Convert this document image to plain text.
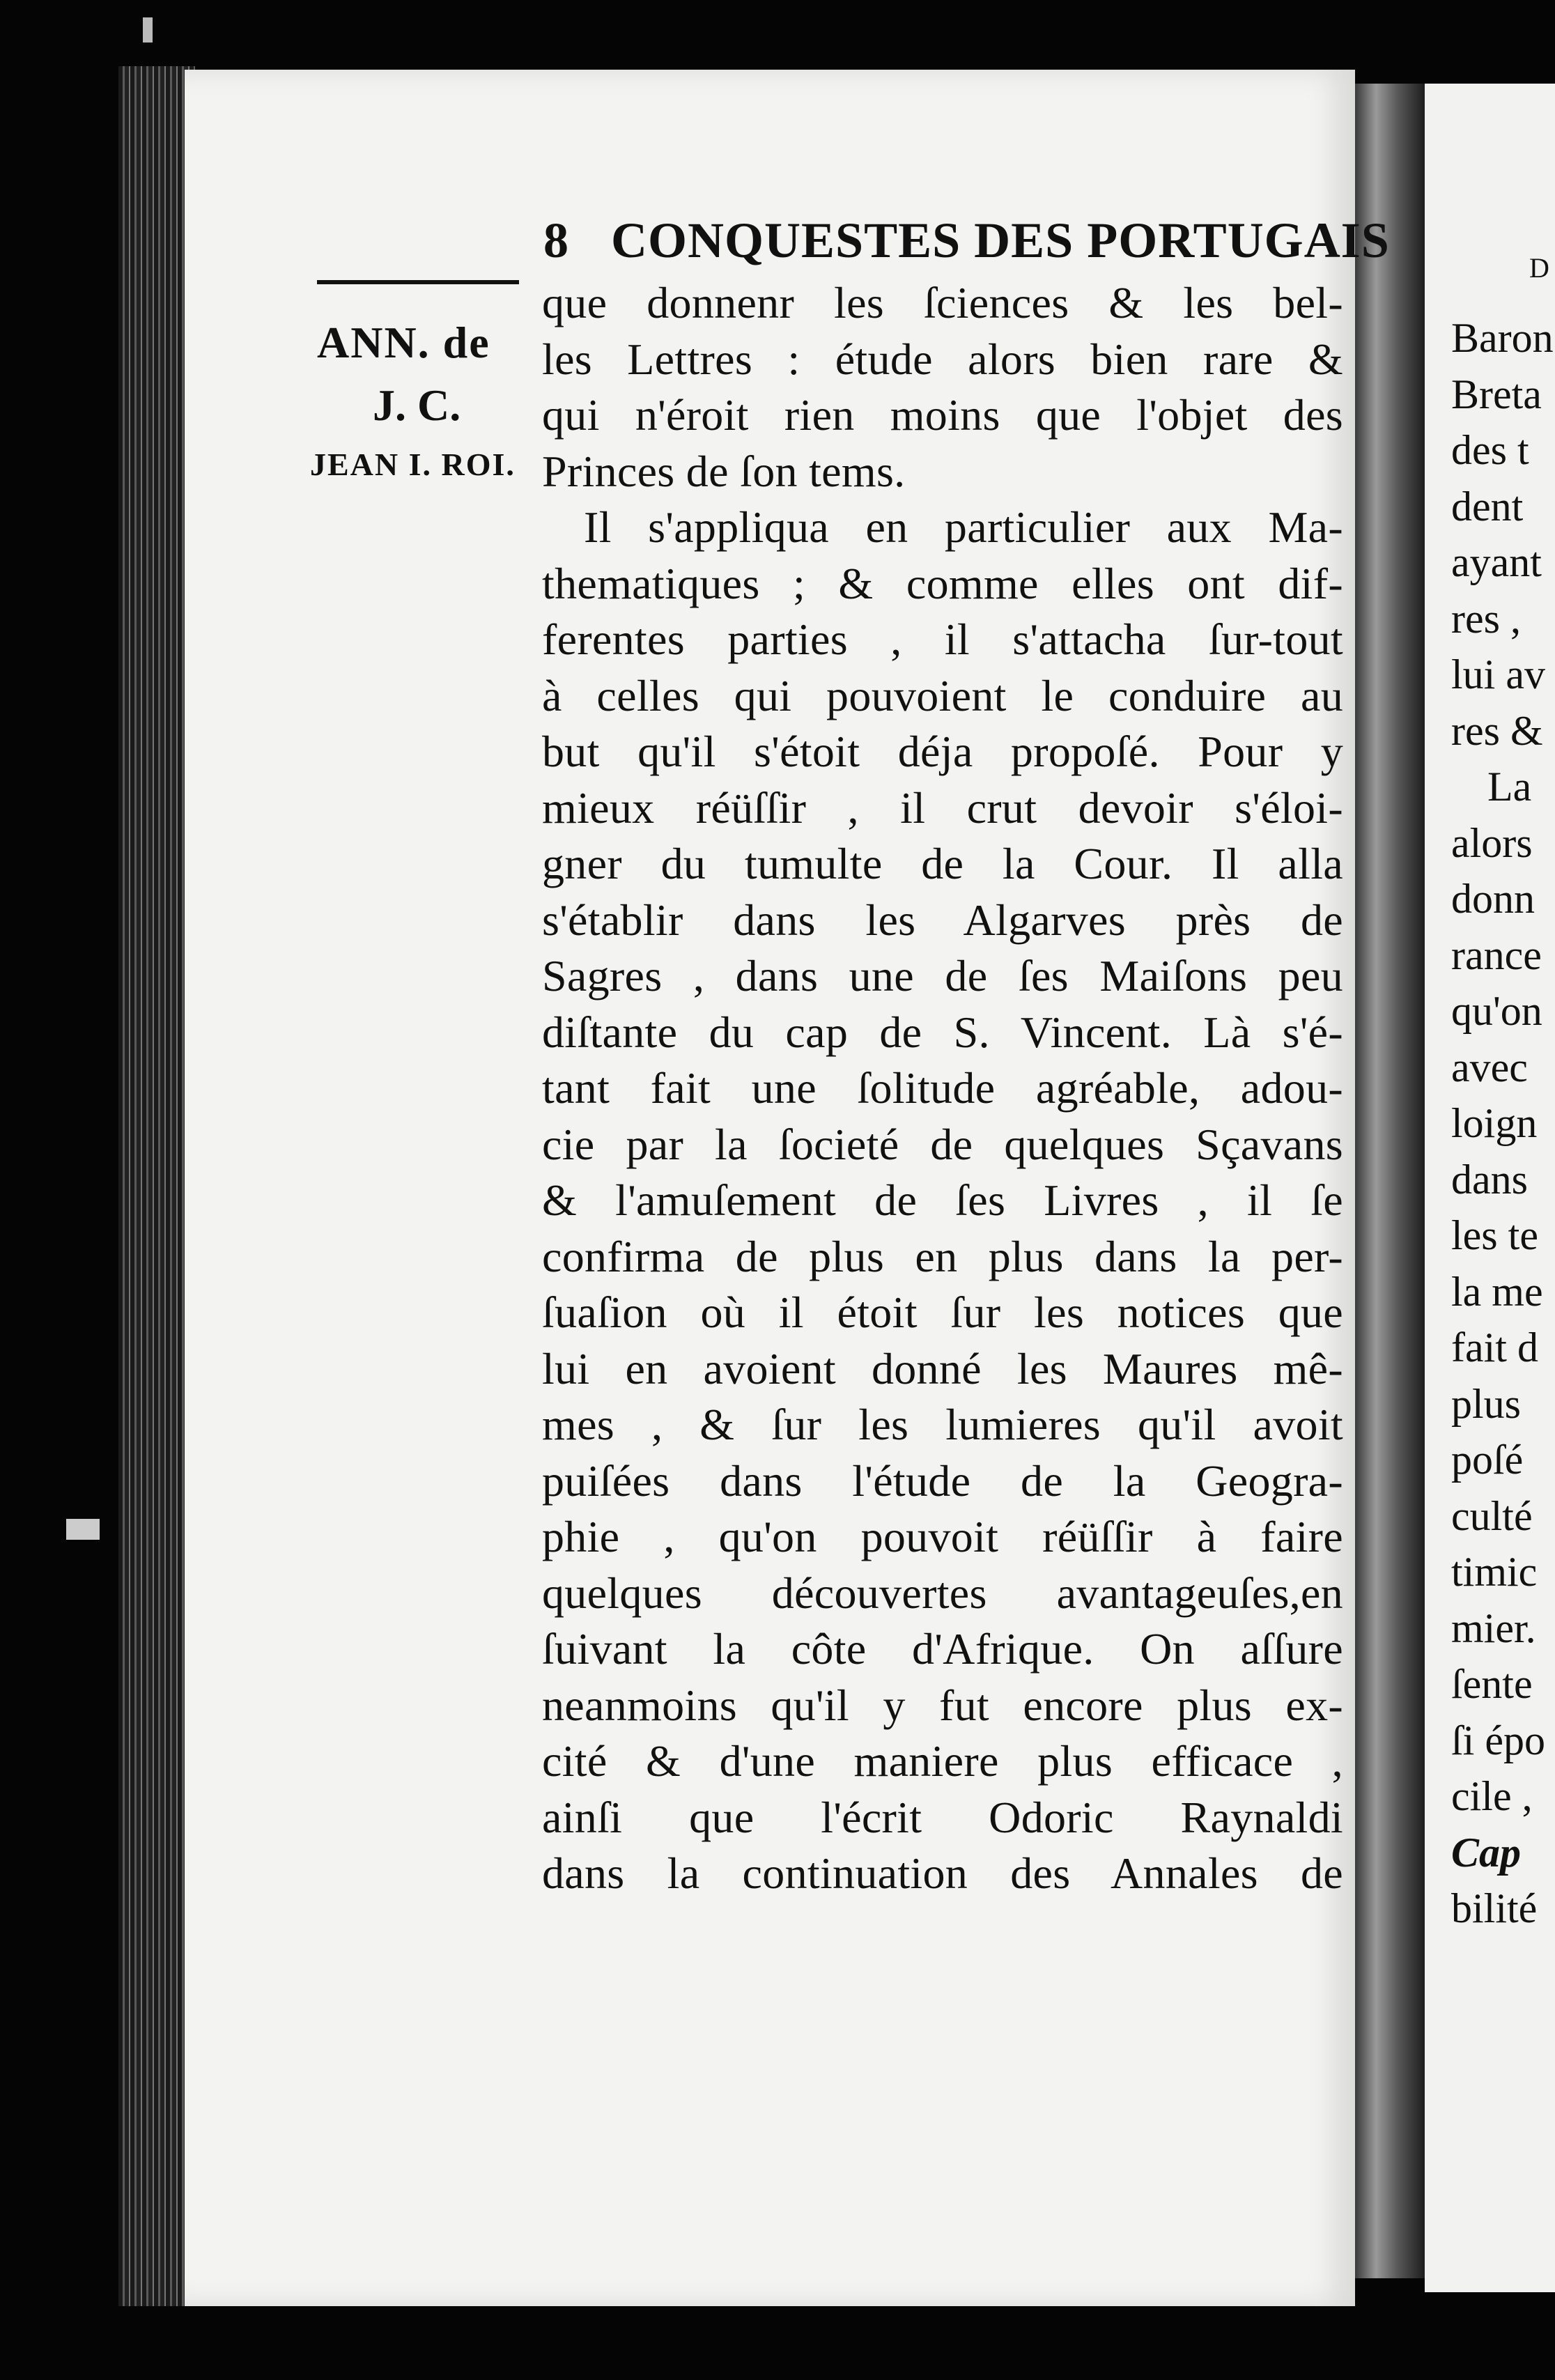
D
Baron
Breta
des t
dent
ayant
res ,
lui av
res &
La
alors
donn
rance
qu'on
avec
loign
dans
les te
la me
fait d
plus
poſé
culté
timic
mier.
ſente
ſi épo
cile ,
Cap
bilité
8 CONQUESTES DES PORTUGAIS
ANN. de
J. C.
JEAN I. ROI.
que donnenr les ſciences & les bel-
les Lettres : étude alors bien rare &
qui n'éroit rien moins que l'objet des
Princes de ſon tems.
Il s'appliqua en particulier aux Ma-
thematiques ; & comme elles ont dif-
ferentes parties , il s'attacha ſur-tout
à celles qui pouvoient le conduire au
but qu'il s'étoit déja propoſé. Pour y
mieux réüſſir , il crut devoir s'éloi-
gner du tumulte de la Cour. Il alla
s'établir dans les Algarves près de
Sagres , dans une de ſes Maiſons peu
diſtante du cap de S. Vincent. Là s'é-
tant fait une ſolitude agréable, adou-
cie par la ſocieté de quelques Sçavans
& l'amuſement de ſes Livres , il ſe
confirma de plus en plus dans la per-
ſuaſion où il étoit ſur les notices que
lui en avoient donné les Maures mê-
mes , & ſur les lumieres qu'il avoit
puiſées dans l'étude de la Geogra-
phie , qu'on pouvoit réüſſir à faire
quelques découvertes avantageuſes,en
ſuivant la côte d'Afrique. On aſſure
neanmoins qu'il y fut encore plus ex-
cité & d'une maniere plus efficace ,
ainſi que l'écrit Odoric Raynaldi
dans la continuation des Annales de
